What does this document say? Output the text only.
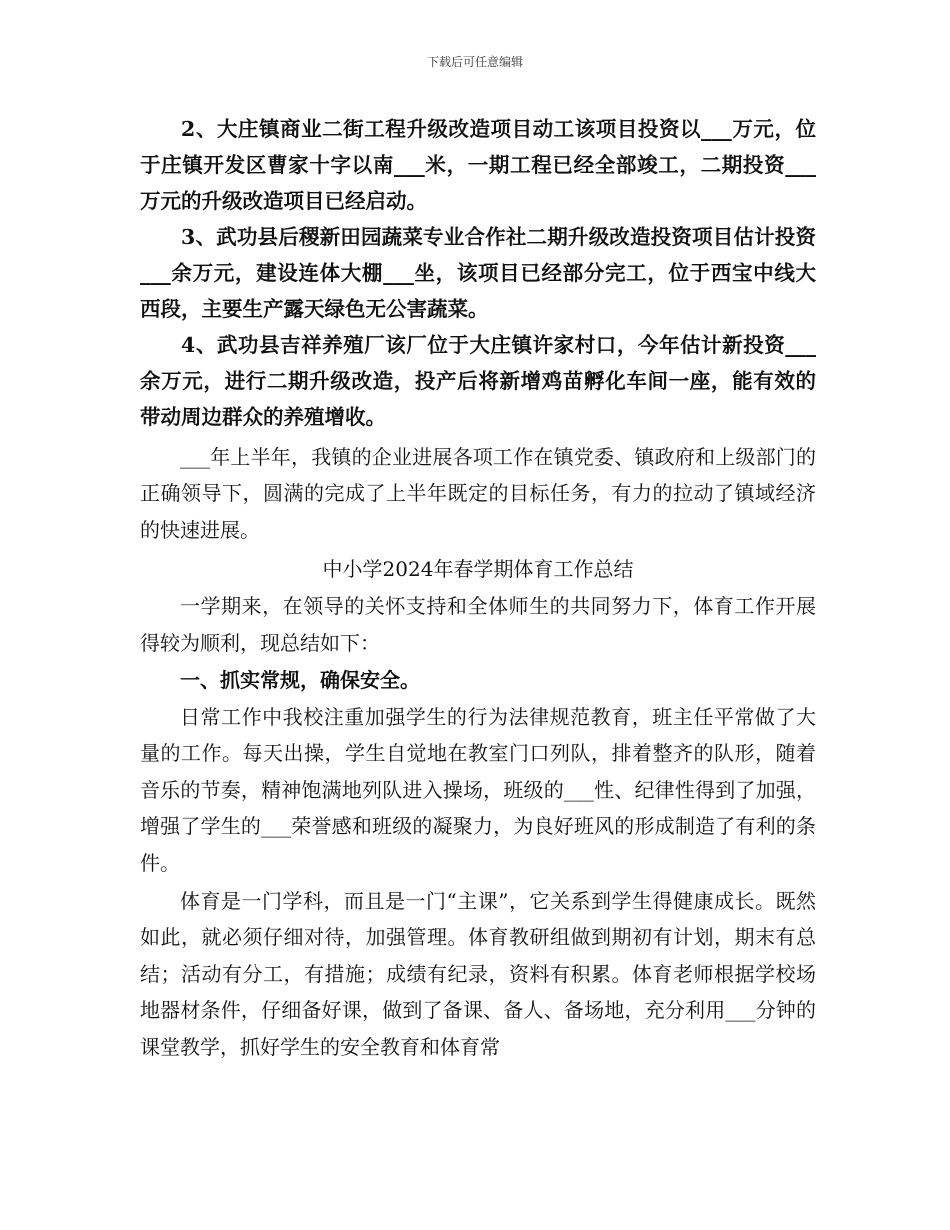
下载后可任意编辑

2、大庄镇商业二街工程升级改造项目动工该项目投资以___万元，位于庄镇开发区曹家十字以南___米，一期工程已经全部竣工，二期投资___万元的升级改造项目已经启动。

3、武功县后稷新田园蔬菜专业合作社二期升级改造投资项目估计投资___余万元，建设连体大棚___坐，该项目已经部分完工，位于西宝中线大西段，主要生产露天绿色无公害蔬菜。

4、武功县吉祥养殖厂该厂位于大庄镇许家村口，今年估计新投资___余万元，进行二期升级改造，投产后将新增鸡苗孵化车间一座，能有效的带动周边群众的养殖增收。

___年上半年，我镇的企业进展各项工作在镇党委、镇政府和上级部门的正确领导下，圆满的完成了上半年既定的目标任务，有力的拉动了镇域经济的快速进展。

中小学2024年春学期体育工作总结

一学期来，在领导的关怀支持和全体师生的共同努力下，体育工作开展得较为顺利，现总结如下：

一、抓实常规，确保安全。

日常工作中我校注重加强学生的行为法律规范教育，班主任平常做了大量的工作。每天出操，学生自觉地在教室门口列队，排着整齐的队形，随着音乐的节奏，精神饱满地列队进入操场，班级的___性、纪律性得到了加强，增强了学生的___荣誉感和班级的凝聚力，为良好班风的形成制造了有利的条件。

体育是一门学科，而且是一门“主课”，它关系到学生得健康成长。既然如此，就必须仔细对待，加强管理。体育教研组做到期初有计划，期末有总结；活动有分工，有措施；成绩有纪录，资料有积累。体育老师根据学校场地器材条件，仔细备好课，做到了备课、备人、备场地，充分利用___分钟的课堂教学，抓好学生的安全教育和体育常
